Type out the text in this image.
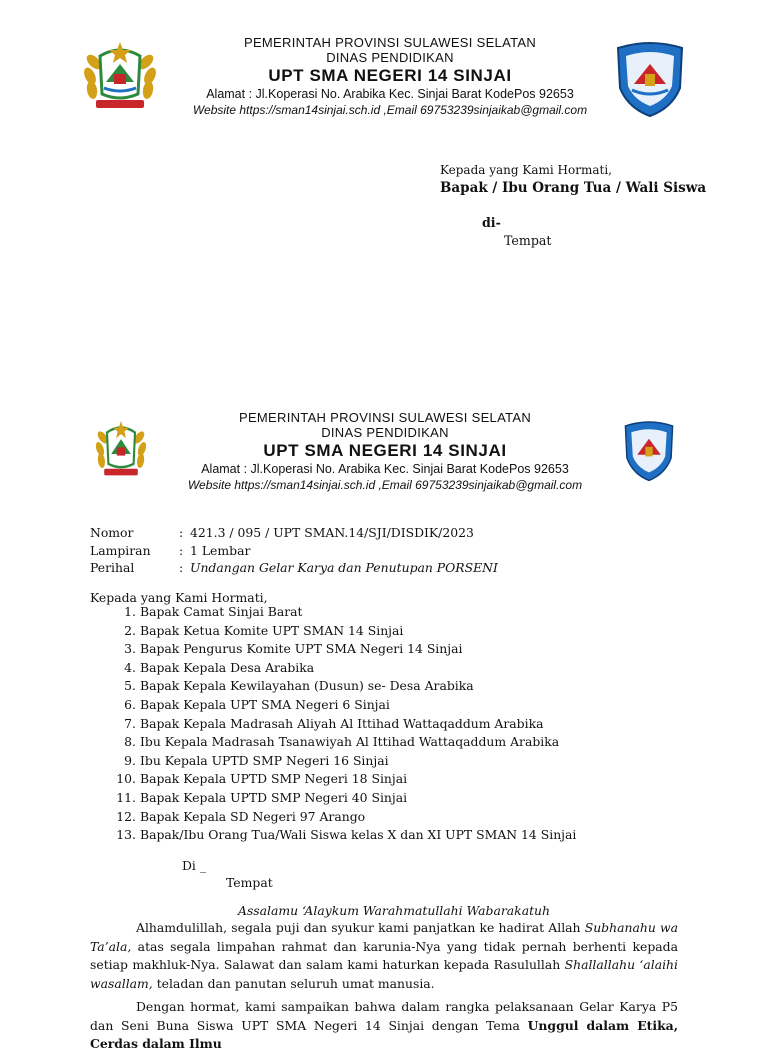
PEMERINTAH PROVINSI SULAWESI SELATAN
DINAS PENDIDIKAN
UPT SMA NEGERI 14 SINJAI
Alamat : Jl.Koperasi No. Arabika Kec. Sinjai Barat KodePos 92653
Website https://sman14sinjai.sch.id ,Email 69753239sinjaikab@gmail.com
Kepada yang Kami Hormati,
Bapak / Ibu Orang Tua / Wali Siswa
di-
Tempat
PEMERINTAH PROVINSI SULAWESI SELATAN
DINAS PENDIDIKAN
UPT SMA NEGERI 14 SINJAI
Alamat : Jl.Koperasi No. Arabika Kec. Sinjai Barat KodePos 92653
Website https://sman14sinjai.sch.id ,Email 69753239sinjaikab@gmail.com
Nomor	: 421.3 / 095 / UPT SMAN.14/SJI/DISDIK/2023
Lampiran : 1 Lembar
Perihal	: Undangan Gelar Karya dan Penutupan PORSENI
Kepada yang Kami Hormati,
1. Bapak Camat Sinjai Barat
2. Bapak Ketua Komite UPT SMAN 14 Sinjai
3. Bapak Pengurus Komite UPT SMA Negeri 14 Sinjai
4. Bapak Kepala Desa Arabika
5. Bapak Kepala Kewilayahan (Dusun) se- Desa Arabika
6. Bapak Kepala UPT SMA Negeri 6 Sinjai
7. Bapak Kepala Madrasah Aliyah Al Ittihad Wattaqaddum Arabika
8. Ibu Kepala Madrasah Tsanawiyah Al Ittihad Wattaqaddum Arabika
9. Ibu Kepala UPTD SMP Negeri 16 Sinjai
10. Bapak Kepala UPTD SMP Negeri 18 Sinjai
11. Bapak Kepala UPTD SMP Negeri 40 Sinjai
12. Bapak Kepala SD Negeri 97 Arango
13. Bapak/Ibu Orang Tua/Wali Siswa kelas X dan XI UPT SMAN 14 Sinjai
Di _
Tempat
Assalamu ‘Alaykum Warahmatullahi Wabarakatuh
Alhamdulillah, segala puji dan syukur kami panjatkan ke hadirat Allah Subhanahu wa Ta’ala, atas segala limpahan rahmat dan karunia-Nya yang tidak pernah berhenti kepada setiap makhluk-Nya. Salawat dan salam kami haturkan kepada Rasulullah Shallallahu ‘alaihi wasallam, teladan dan panutan seluruh umat manusia.
Dengan hormat, kami sampaikan bahwa dalam rangka pelaksanaan Gelar Karya P5 dan Seni Buna Siswa UPT SMA Negeri 14 Sinjai dengan Tema Unggul dalam Etika, Cerdas dalam Ilmu
